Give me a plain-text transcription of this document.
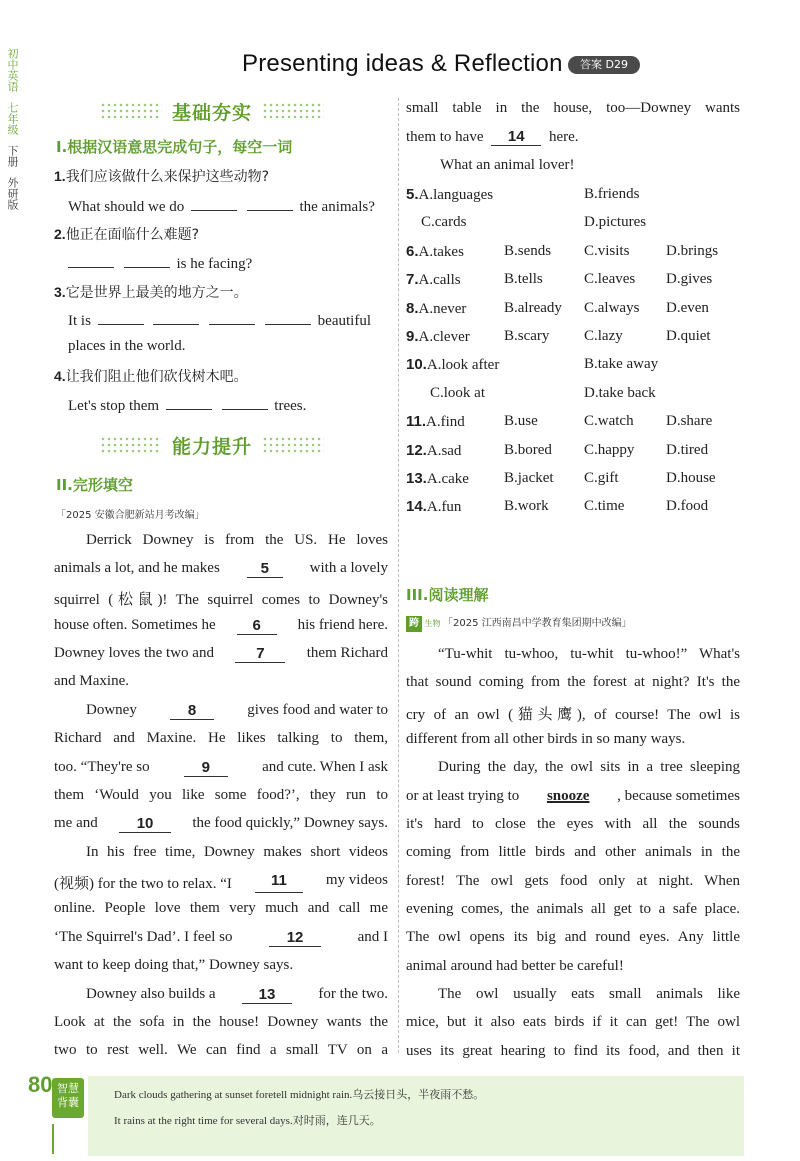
初中英语
七年级
下册
外研版
Presenting ideas & Reflection	答案 D29
基础夯实
I.根据汉语意思完成句子，每空一词
1.我们应该做什么来保护这些动物?
What should we do	the animals?
2.他正在面临什么难题?
is he facing?
3.它是世界上最美的地方之一。
It is	beautiful
places in the world.
4.让我们阻止他们砍伐树木吧。
Let's stop them	trees.
能力提升
II.完形填空
「2025 安徽合肥新站月考改编」
Derrick Downey is from the US. He loves
animals a lot, and he makes	5	with a lovely
squirrel (松鼠)! The squirrel comes to Downey's
house often. Sometimes he	6	his friend here.
Downey loves the two and	7	them Richard
and Maxine.
Downey	8	gives food and water to
Richard and Maxine. He likes talking to them,
too. “They're so	9	and cute. When I ask
them ‘Would you like some food?’, they run to
me and	10	the food quickly,” Downey says.
In his free time, Downey makes short videos
(视频) for the two to relax. “I	11	my videos
online. People love them very much and call me
‘The Squirrel's Dad’. I feel so	12	and I
want to keep doing that,” Downey says.
Downey also builds a	13	for the two.
Look at the sofa in the house! Downey wants the
two to rest well. We can find a small TV on a
small table in the house, too—Downey wants
them to have 14 here.
What an animal lover!
5.A.languages	B.friends
C.cards	D.pictures
6.A.takes	B.sends C.visits D.brings
7.A.calls	B.tells	C.leaves D.gives
8.A.never	B.already C.always D.even
9.A.clever B.scary C.lazy	D.quiet
10.A.look after	B.take away
C.look at	D.take back
11.A.find	B.use	C.watch D.share
12.A.sad	B.bored C.happy D.tired
13.A.cake B.jacket C.gift	D.house
14.A.fun	B.work C.time	D.food
III.阅读理解
跨 生物 「2025 江西南昌中学教育集团期中改编」
“Tu-whit tu-whoo, tu-whit tu-whoo!” What's
that sound coming from the forest at night? It's the
cry of an owl (猫头鹰), of course! The owl is
different from all other birds in so many ways.
During the day, the owl sits in a tree sleeping
or at least trying to snooze , because sometimes
it's hard to close the eyes with all the sounds
coming from little birds and other animals in the
forest! The owl gets food only at night. When
evening comes, the animals all get to a safe place.
The owl opens its big and round eyes. Any little
animal around had better be careful!
The owl usually eats small animals like
mice, but it also eats birds if it can get! The owl
uses its great hearing to find its food, and then it
80 智慧背囊
Dark clouds gathering at sunset foretell midnight rain.乌云接日头，半夜雨不愁。
It rains at the right time for several days.对时雨，连几天。
